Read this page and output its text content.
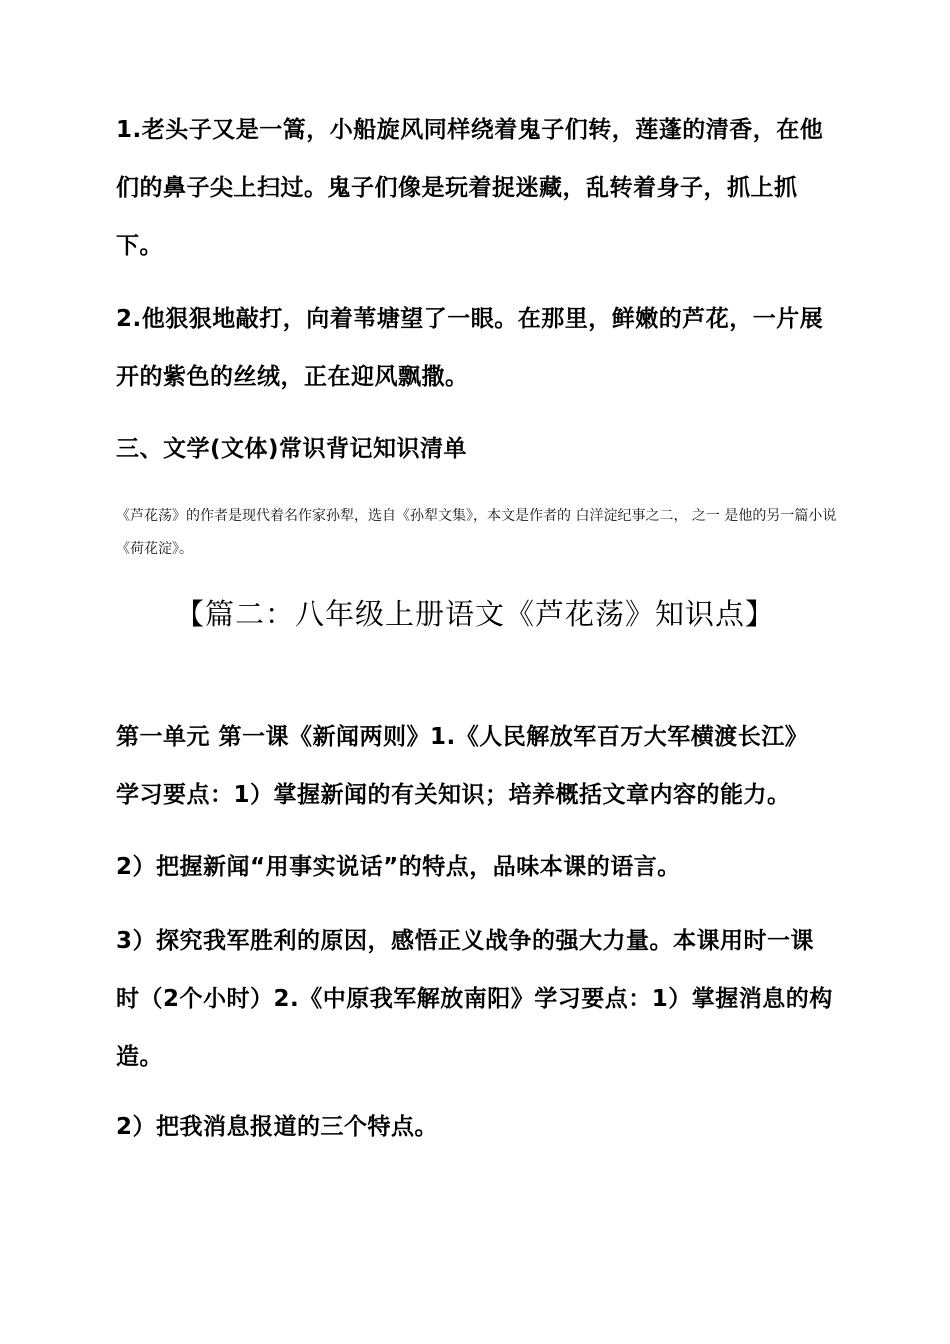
1.老头子又是一篙，小船旋风同样绕着鬼子们转，莲蓬的清香，在他们的鼻子尖上扫过。鬼子们像是玩着捉迷藏，乱转着身子，抓上抓下。

2.他狠狠地敲打，向着苇塘望了一眼。在那里，鲜嫩的芦花，一片展开的紫色的丝绒，正在迎风飘撒。

三、文学(文体)常识背记知识清单

《芦花荡》的作者是现代着名作家孙犁，选自《孙犁文集》，本文是作者的 白洋淀纪事之二， 之一 是他的另一篇小说《荷花淀》。

【篇二：八年级上册语文《芦花荡》知识点】

第一单元 第一课《新闻两则》1.《人民解放军百万大军横渡长江》

学习要点：1）掌握新闻的有关知识；培养概括文章内容的能力。

2）把握新闻“用事实说话”的特点，品味本课的语言。

3）探究我军胜利的原因，感悟正义战争的强大力量。本课用时一课时（2个小时）2.《中原我军解放南阳》学习要点：1）掌握消息的构造。

2）把我消息报道的三个特点。
